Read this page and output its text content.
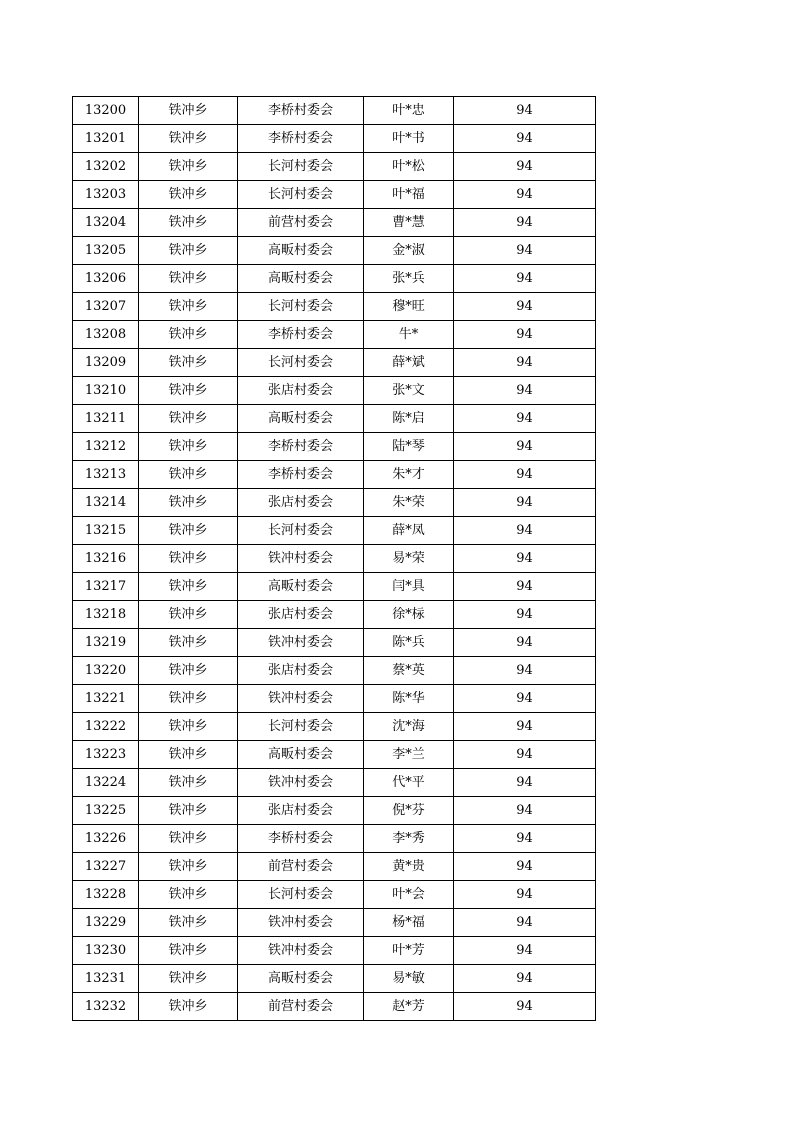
13200	铁冲乡	李桥村委会	叶*忠	94
13201	铁冲乡	李桥村委会	叶*书	94
13202	铁冲乡	长河村委会	叶*松	94
13203	铁冲乡	长河村委会	叶*福	94
13204	铁冲乡	前营村委会	曹*慧	94
13205	铁冲乡	高畈村委会	金*淑	94
13206	铁冲乡	高畈村委会	张*兵	94
13207	铁冲乡	长河村委会	穆*旺	94
13208	铁冲乡	李桥村委会	牛*	94
13209	铁冲乡	长河村委会	薛*斌	94
13210	铁冲乡	张店村委会	张*文	94
13211	铁冲乡	高畈村委会	陈*启	94
13212	铁冲乡	李桥村委会	陆*琴	94
13213	铁冲乡	李桥村委会	朱*才	94
13214	铁冲乡	张店村委会	朱*荣	94
13215	铁冲乡	长河村委会	薛*凤	94
13216	铁冲乡	铁冲村委会	易*荣	94
13217	铁冲乡	高畈村委会	闫*具	94
13218	铁冲乡	张店村委会	徐*柡	94
13219	铁冲乡	铁冲村委会	陈*兵	94
13220	铁冲乡	张店村委会	蔡*英	94
13221	铁冲乡	铁冲村委会	陈*华	94
13222	铁冲乡	长河村委会	沈*海	94
13223	铁冲乡	高畈村委会	李*兰	94
13224	铁冲乡	铁冲村委会	代*平	94
13225	铁冲乡	张店村委会	倪*芬	94
13226	铁冲乡	李桥村委会	李*秀	94
13227	铁冲乡	前营村委会	黄*贵	94
13228	铁冲乡	长河村委会	叶*会	94
13229	铁冲乡	铁冲村委会	杨*福	94
13230	铁冲乡	铁冲村委会	叶*芳	94
13231	铁冲乡	高畈村委会	易*敏	94
13232	铁冲乡	前营村委会	赵*芳	94
